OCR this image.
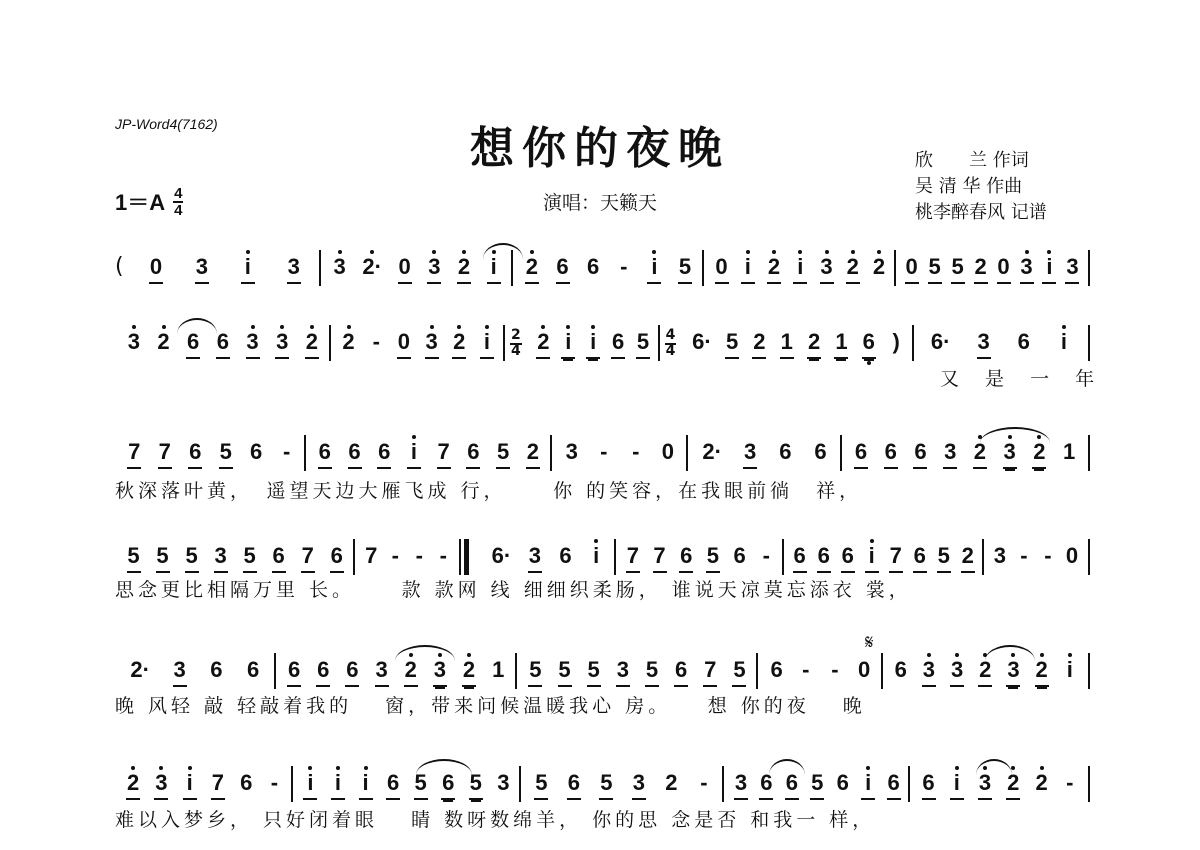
JP-Word4(7162)	想你的夜晚
演唱：天籁天
欣　　兰 作词
吴 清 华 作曲
桃李醉春风 记谱
1＝A 4
4
( 0 3 i 3 3 2· 0 3 2 i 2 6 6 - i 5 0 i 2 i 3 2 2 0 5 5 2 0 3 i 3
3 2 6 6 3 3 2 2 - 0 3 2 i 2
4 2 i i 6 5 4
4 6· 5 2 1 2 1 6 ) 6· 3 6 i
又 是 一 年
7 7 6 5 6 - 6 6 6 i 7 6 5 2 3 - - 0 2· 3 6 6 6 6 6 3 2 3 2 1
秋深落叶黄，　遥望天边大雁飞成 行，　　 你 的笑容，在我眼前徜　祥，
5 5 5 3 5 6 7 6 7 - - - 6· 3 6 i 7 7 6 5 6 - 6 6 6 i 7 6 5 2 3 - - 0
思念更比相隔万里 长。　　 款 款网 线 细细织柔肠， 谁说天凉莫忘添衣 裳，
𝄋
2· 3 6 6 6 6 6 3 2 3 2 1 5 5 5 3 5 6 7 5 6 - - 0 6 3 3 2 3 2 i
晚 风轻 敲 轻敲着我的　 窗，带来问候温暖我心 房。　　想 你的夜　 晚
2 3 i 7 6 - i i i 6 5 6 5 3 5 6 5 3 2 - 3 6 6 5 6 i 6 6 i 3 2 2 -
难以入梦乡， 只好闭着眼　 睛 数呀数绵羊， 你的思 念是否 和我一 样，
